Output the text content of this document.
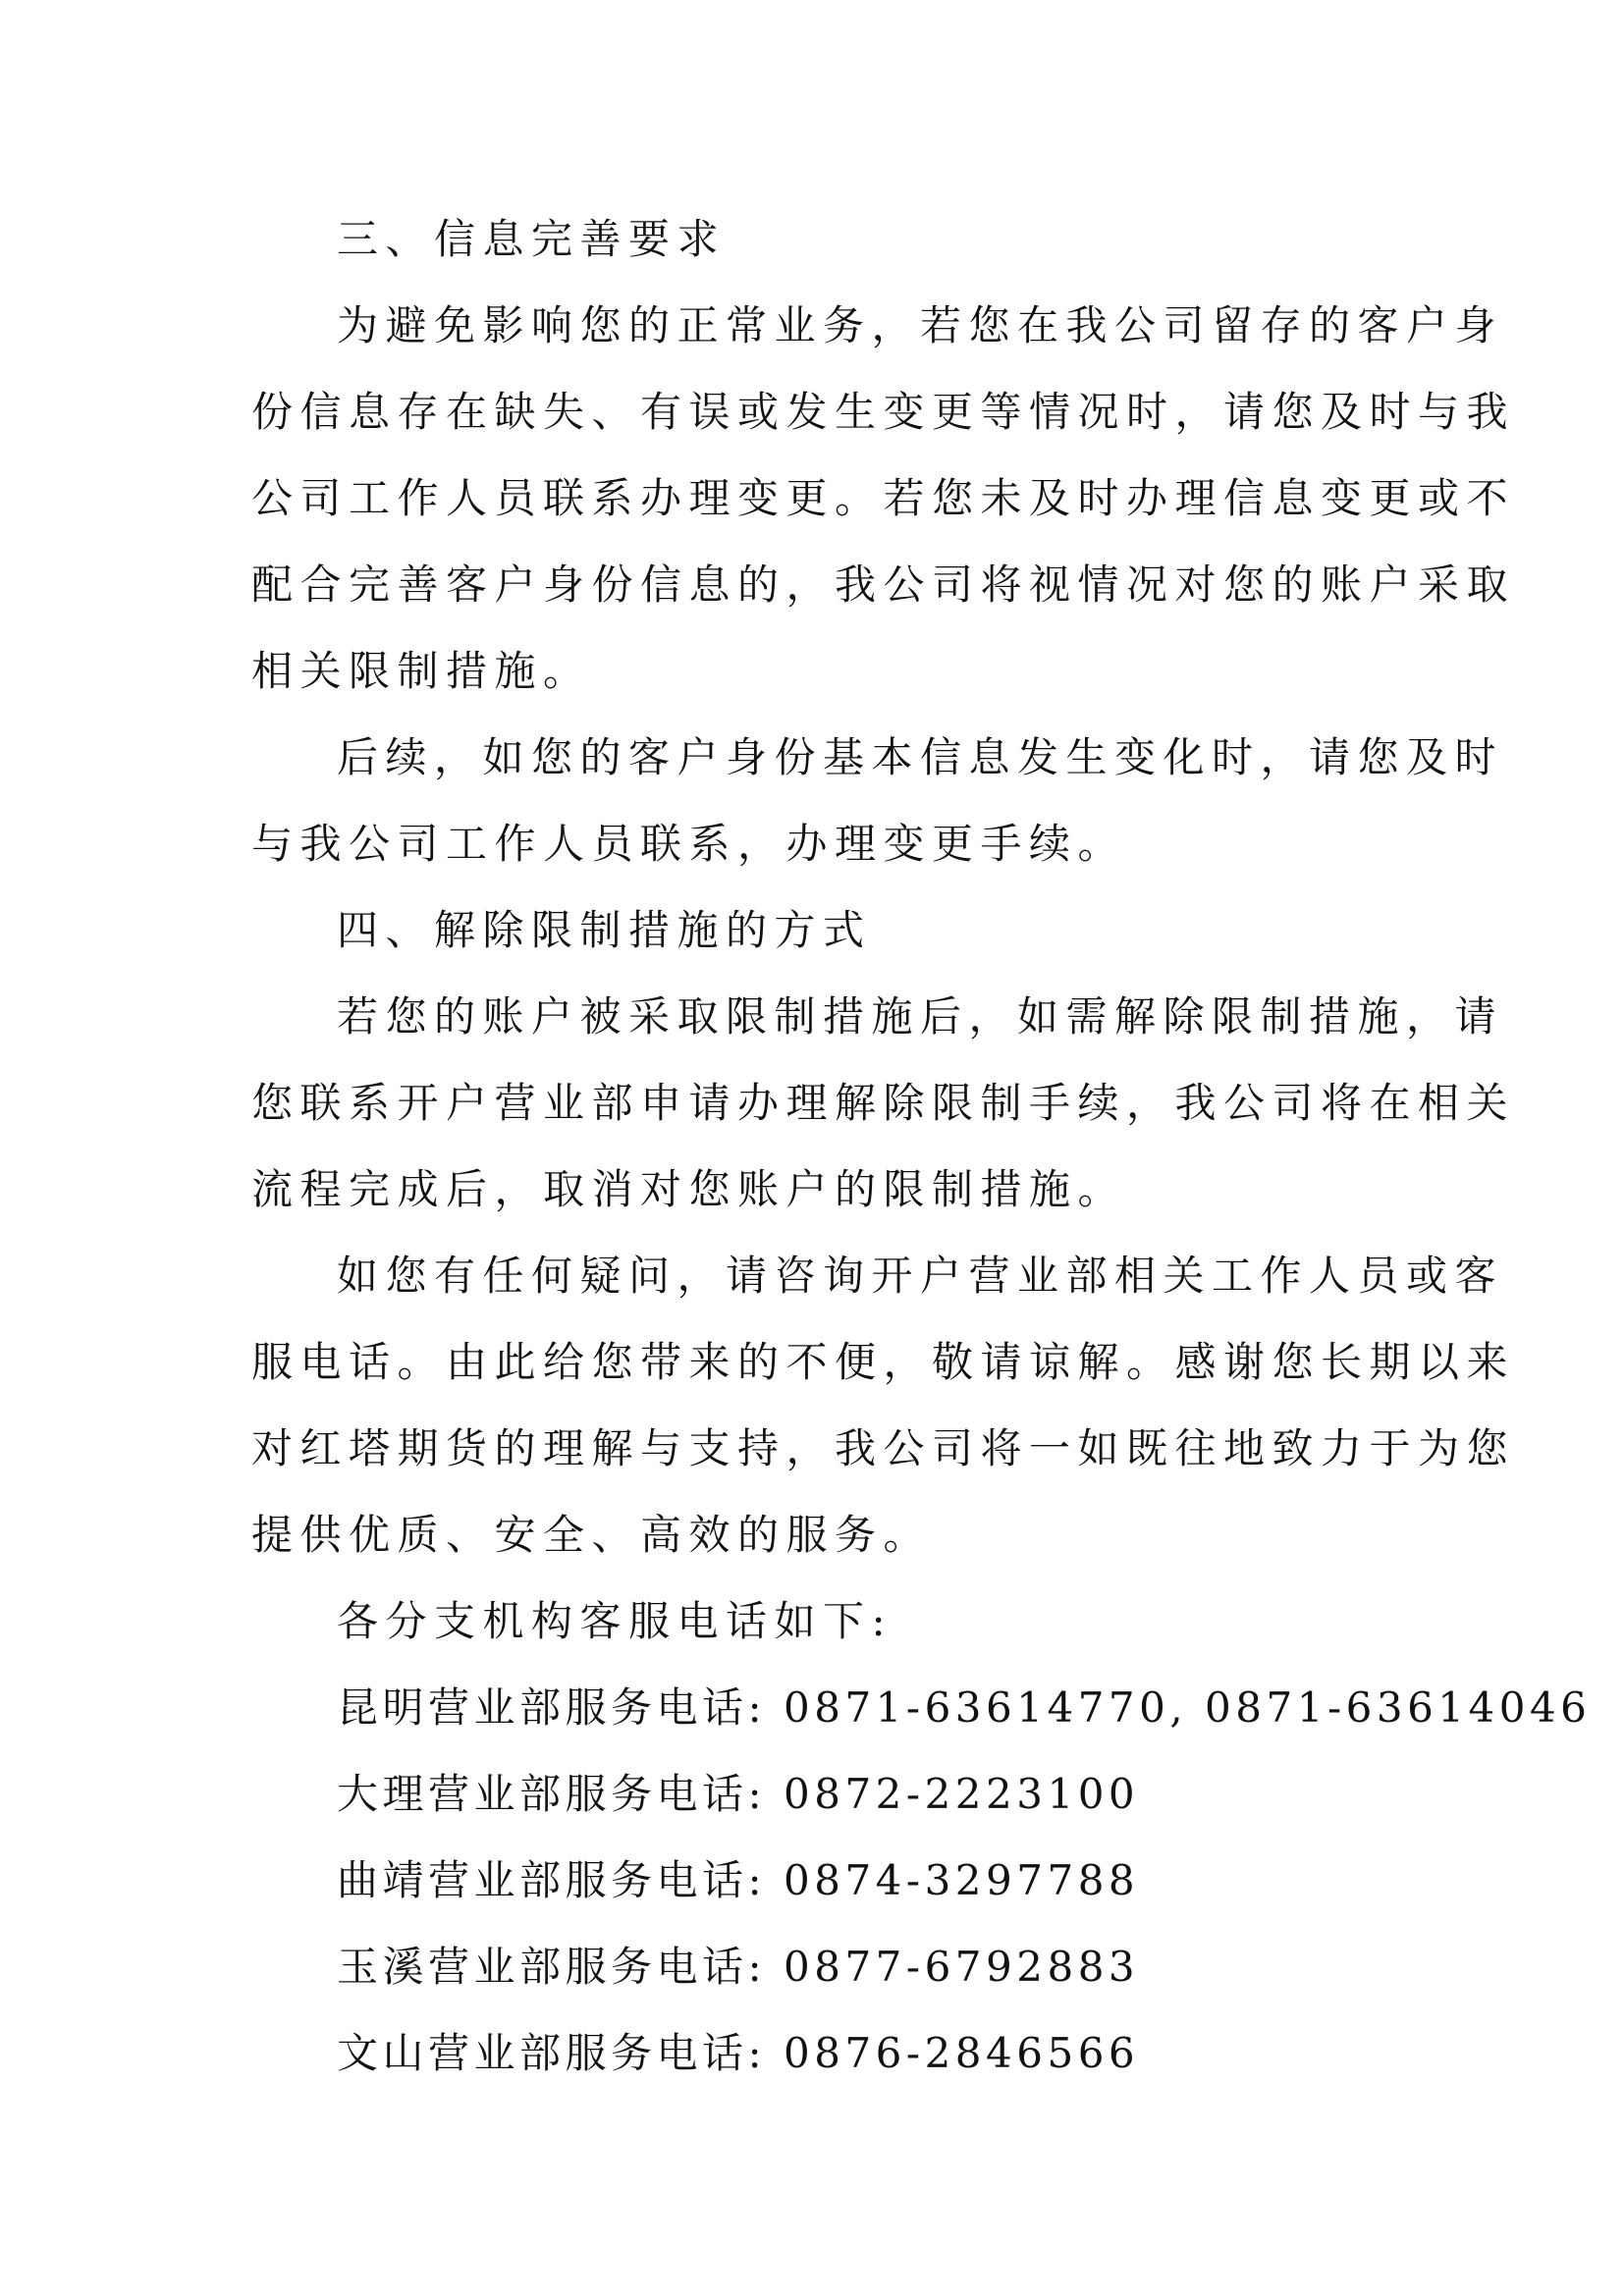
三、信息完善要求
为避免影响您的正常业务，若您在我公司留存的客户身
份信息存在缺失、有误或发生变更等情况时，请您及时与我
公司工作人员联系办理变更。若您未及时办理信息变更或不
配合完善客户身份信息的，我公司将视情况对您的账户采取
相关限制措施。
后续，如您的客户身份基本信息发生变化时，请您及时
与我公司工作人员联系，办理变更手续。
四、解除限制措施的方式
若您的账户被采取限制措施后，如需解除限制措施，请
您联系开户营业部申请办理解除限制手续，我公司将在相关
流程完成后，取消对您账户的限制措施。
如您有任何疑问，请咨询开户营业部相关工作人员或客
服电话。由此给您带来的不便，敬请谅解。感谢您长期以来
对红塔期货的理解与支持，我公司将一如既往地致力于为您
提供优质、安全、高效的服务。
各分支机构客服电话如下:
昆明营业部服务电话: 0871-63614770, 0871-63614046
大理营业部服务电话: 0872-2223100
曲靖营业部服务电话: 0874-3297788
玉溪营业部服务电话: 0877-6792883
文山营业部服务电话: 0876-2846566
